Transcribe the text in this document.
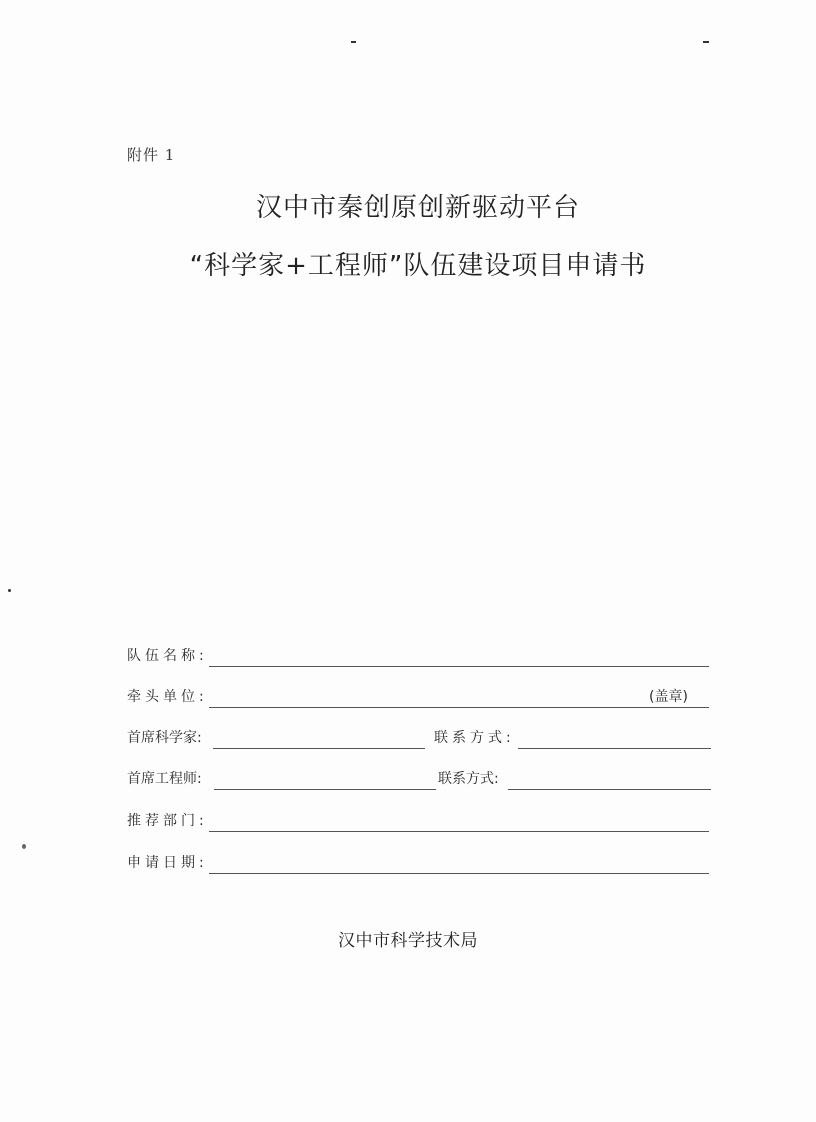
附件 1
汉中市秦创原创新驱动平台
“科学家+工程师”队伍建设项目申请书
队伍名称:
牵头单位:	(盖章)
首席科学家:	联系方式:
首席工程师:	联系方式:
推荐部门:
申请日期:
汉中市科学技术局
